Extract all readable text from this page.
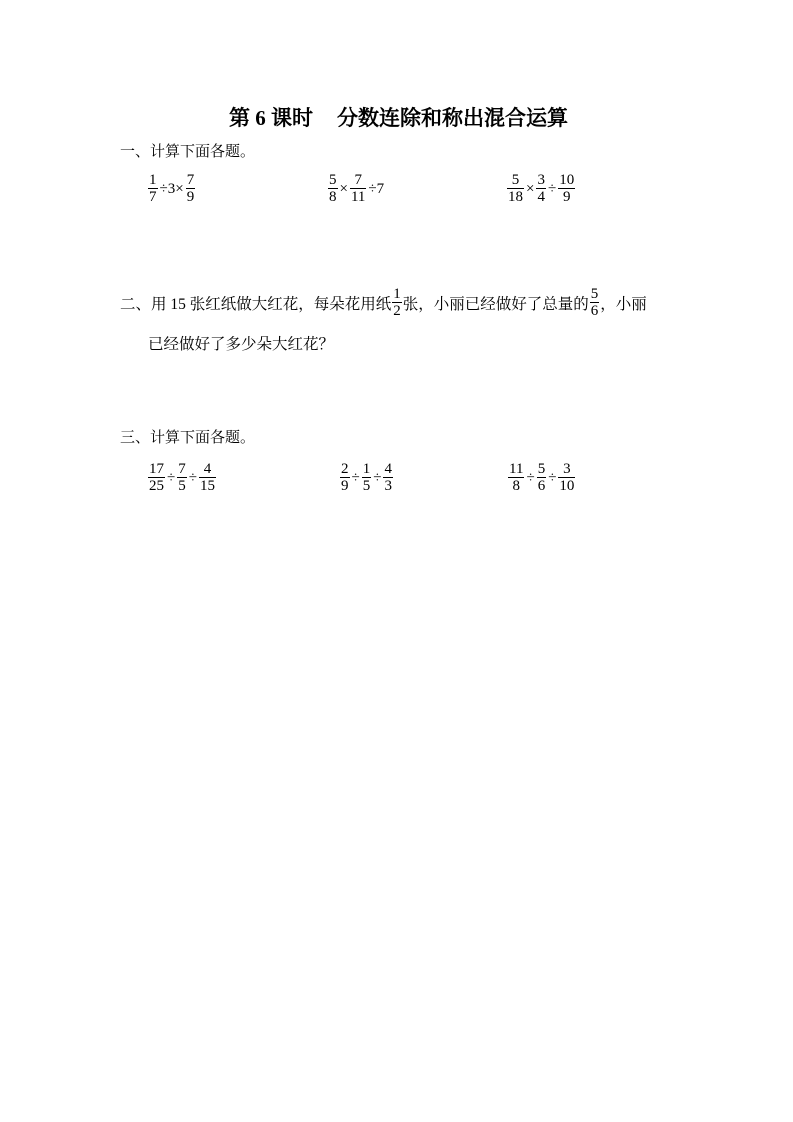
第 6 课时 分数连除和称出混合运算
一、计算下面各题。
$\frac{1}{7} \div 3\times \frac{7}{9}$	$\frac{5}{8} \times \frac{7}{11} \div 7$	$\frac{5}{18} \times \frac{3}{4} \div \frac{10}{9}$
二、用 15 张红纸做大红花，每朵花用纸 $\frac{1}{2}$ 张，小丽已经做好了总量的 $\frac{5}{6}$ ，小丽
已经做好了多少朵大红花？
三、计算下面各题。
$\frac{17}{25} \div \frac{7}{5} \div \frac{4}{15}$	$\frac{2}{9} \div \frac{1}{5} \div \frac{4}{3}$	$\frac{11}{8} \div \frac{5}{6} \div \frac{3}{10}$
